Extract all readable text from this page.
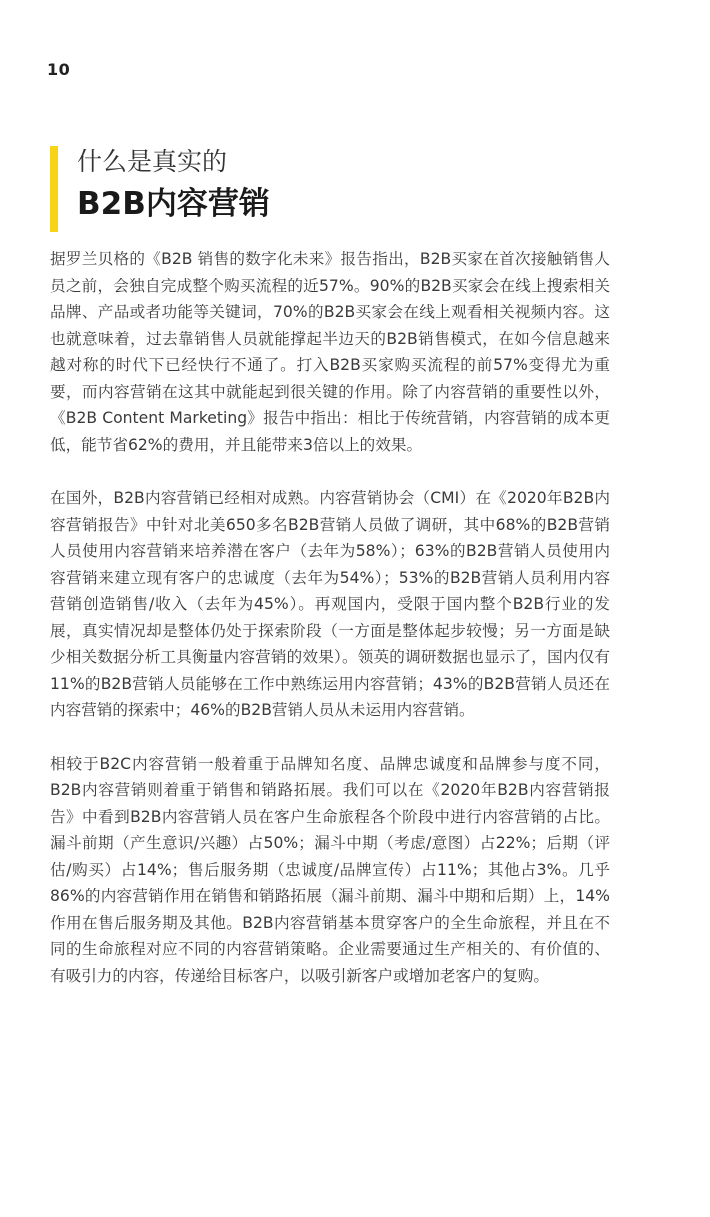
10
什么是真实的
B2B内容营销

据罗兰贝格的《B2B 销售的数字化未来》报告指出，B2B买家在首次接触销售人员之前，会独自完成整个购买流程的近57%。90%的B2B买家会在线上搜索相关品牌、产品或者功能等关键词，70%的B2B买家会在线上观看相关视频内容。这也就意味着，过去靠销售人员就能撑起半边天的B2B销售模式，在如今信息越来越对称的时代下已经快行不通了。打入B2B买家购买流程的前57%变得尤为重要，而内容营销在这其中就能起到很关键的作用。除了内容营销的重要性以外，《B2B Content Marketing》报告中指出：相比于传统营销，内容营销的成本更低，能节省62%的费用，并且能带来3倍以上的效果。

在国外，B2B内容营销已经相对成熟。内容营销协会（CMI）在《2020年B2B内容营销报告》中针对北美650多名B2B营销人员做了调研，其中68%的B2B营销人员使用内容营销来培养潜在客户（去年为58%）；63%的B2B营销人员使用内容营销来建立现有客户的忠诚度（去年为54%）；53%的B2B营销人员利用内容营销创造销售/收入（去年为45%）。再观国内，受限于国内整个B2B行业的发展，真实情况却是整体仍处于探索阶段（一方面是整体起步较慢；另一方面是缺少相关数据分析工具衡量内容营销的效果）。领英的调研数据也显示了，国内仅有11%的B2B营销人员能够在工作中熟练运用内容营销；43%的B2B营销人员还在内容营销的探索中；46%的B2B营销人员从未运用内容营销。

相较于B2C内容营销一般着重于品牌知名度、品牌忠诚度和品牌参与度不同，B2B内容营销则着重于销售和销路拓展。我们可以在《2020年B2B内容营销报告》中看到B2B内容营销人员在客户生命旅程各个阶段中进行内容营销的占比。漏斗前期（产生意识/兴趣）占50%；漏斗中期（考虑/意图）占22%；后期（评估/购买）占14%；售后服务期（忠诚度/品牌宣传）占11%；其他占3%。几乎86%的内容营销作用在销售和销路拓展（漏斗前期、漏斗中期和后期）上，14%作用在售后服务期及其他。B2B内容营销基本贯穿客户的全生命旅程，并且在不同的生命旅程对应不同的内容营销策略。企业需要通过生产相关的、有价值的、有吸引力的内容，传递给目标客户，以吸引新客户或增加老客户的复购。
